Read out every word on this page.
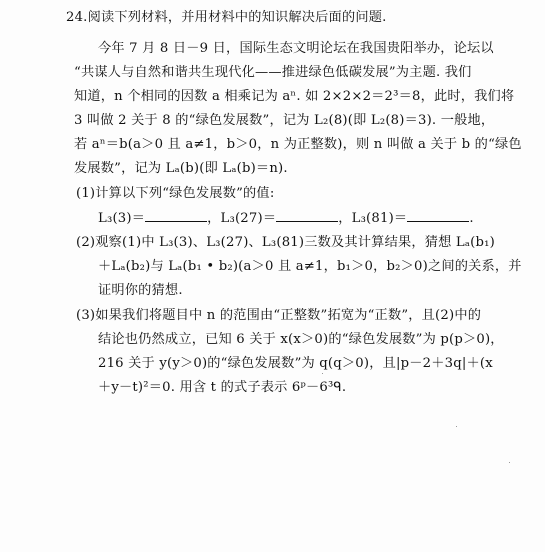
24.阅读下列材料，并用材料中的知识解决后面的问题.
今年 7 月 8 日－9 日，国际生态文明论坛在我国贵阳举办，论坛以
“共谋人与自然和谐共生现代化——推进绿色低碳发展”为主题. 我们
知道，n 个相同的因数 a 相乘记为 aⁿ. 如 2×2×2＝2³＝8，此时，我们将
3 叫做 2 关于 8 的“绿色发展数”，记为 L₂(8)(即 L₂(8)＝3). 一般地，
若 aⁿ＝b(a＞0 且 a≠1，b＞0，n 为正整数)，则 n 叫做 a 关于 b 的“绿色
发展数”，记为 Lₐ(b)(即 Lₐ(b)＝n).
(1)计算以下列“绿色发展数”的值:
L₃(3)＝	，L₃(27)＝	，L₃(81)＝	.
(2)观察(1)中 L₃(3)、L₃(27)、L₃(81)三数及其计算结果，猜想 Lₐ(b₁)
＋Lₐ(b₂)与 Lₐ(b₁ • b₂)(a＞0 且 a≠1，b₁＞0，b₂＞0)之间的关系，并
证明你的猜想.
(3)如果我们将题目中 n 的范围由“正整数”拓宽为“正数”，且(2)中的
结论也仍然成立，已知 6 关于 x(x＞0)的“绿色发展数”为 p(p＞0)，
216 关于 y(y＞0)的“绿色发展数”为 q(q＞0)，且|p－2＋3q|＋(x
＋y－t)²＝0. 用含 t 的式子表示 6ᵖ－6³ᑫ.
